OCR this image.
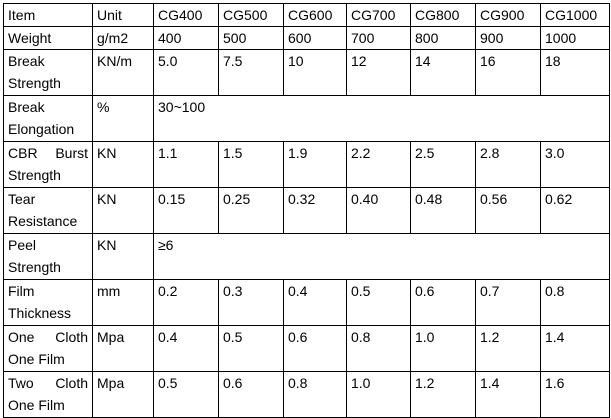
Item	Unit	CG400	CG500	CG600	CG700	CG800	CG900	CG1000
Weight	g/m2	400	500	600	700	800	900	1000
Break Strength	KN/m	5.0	7.5	10	12	14	16	18
Break Elongation	%	30~100						
CBR Burst Strength	KN	1.1	1.5	1.9	2.2	2.5	2.8	3.0
Tear Resistance	KN	0.15	0.25	0.32	0.40	0.48	0.56	0.62
Peel Strength	KN	≥6						
Film Thickness	mm	0.2	0.3	0.4	0.5	0.6	0.7	0.8
One Cloth One Film	Mpa	0.4	0.5	0.6	0.8	1.0	1.2	1.4
Two Cloth One Film	Mpa	0.5	0.6	0.8	1.0	1.2	1.4	1.6
